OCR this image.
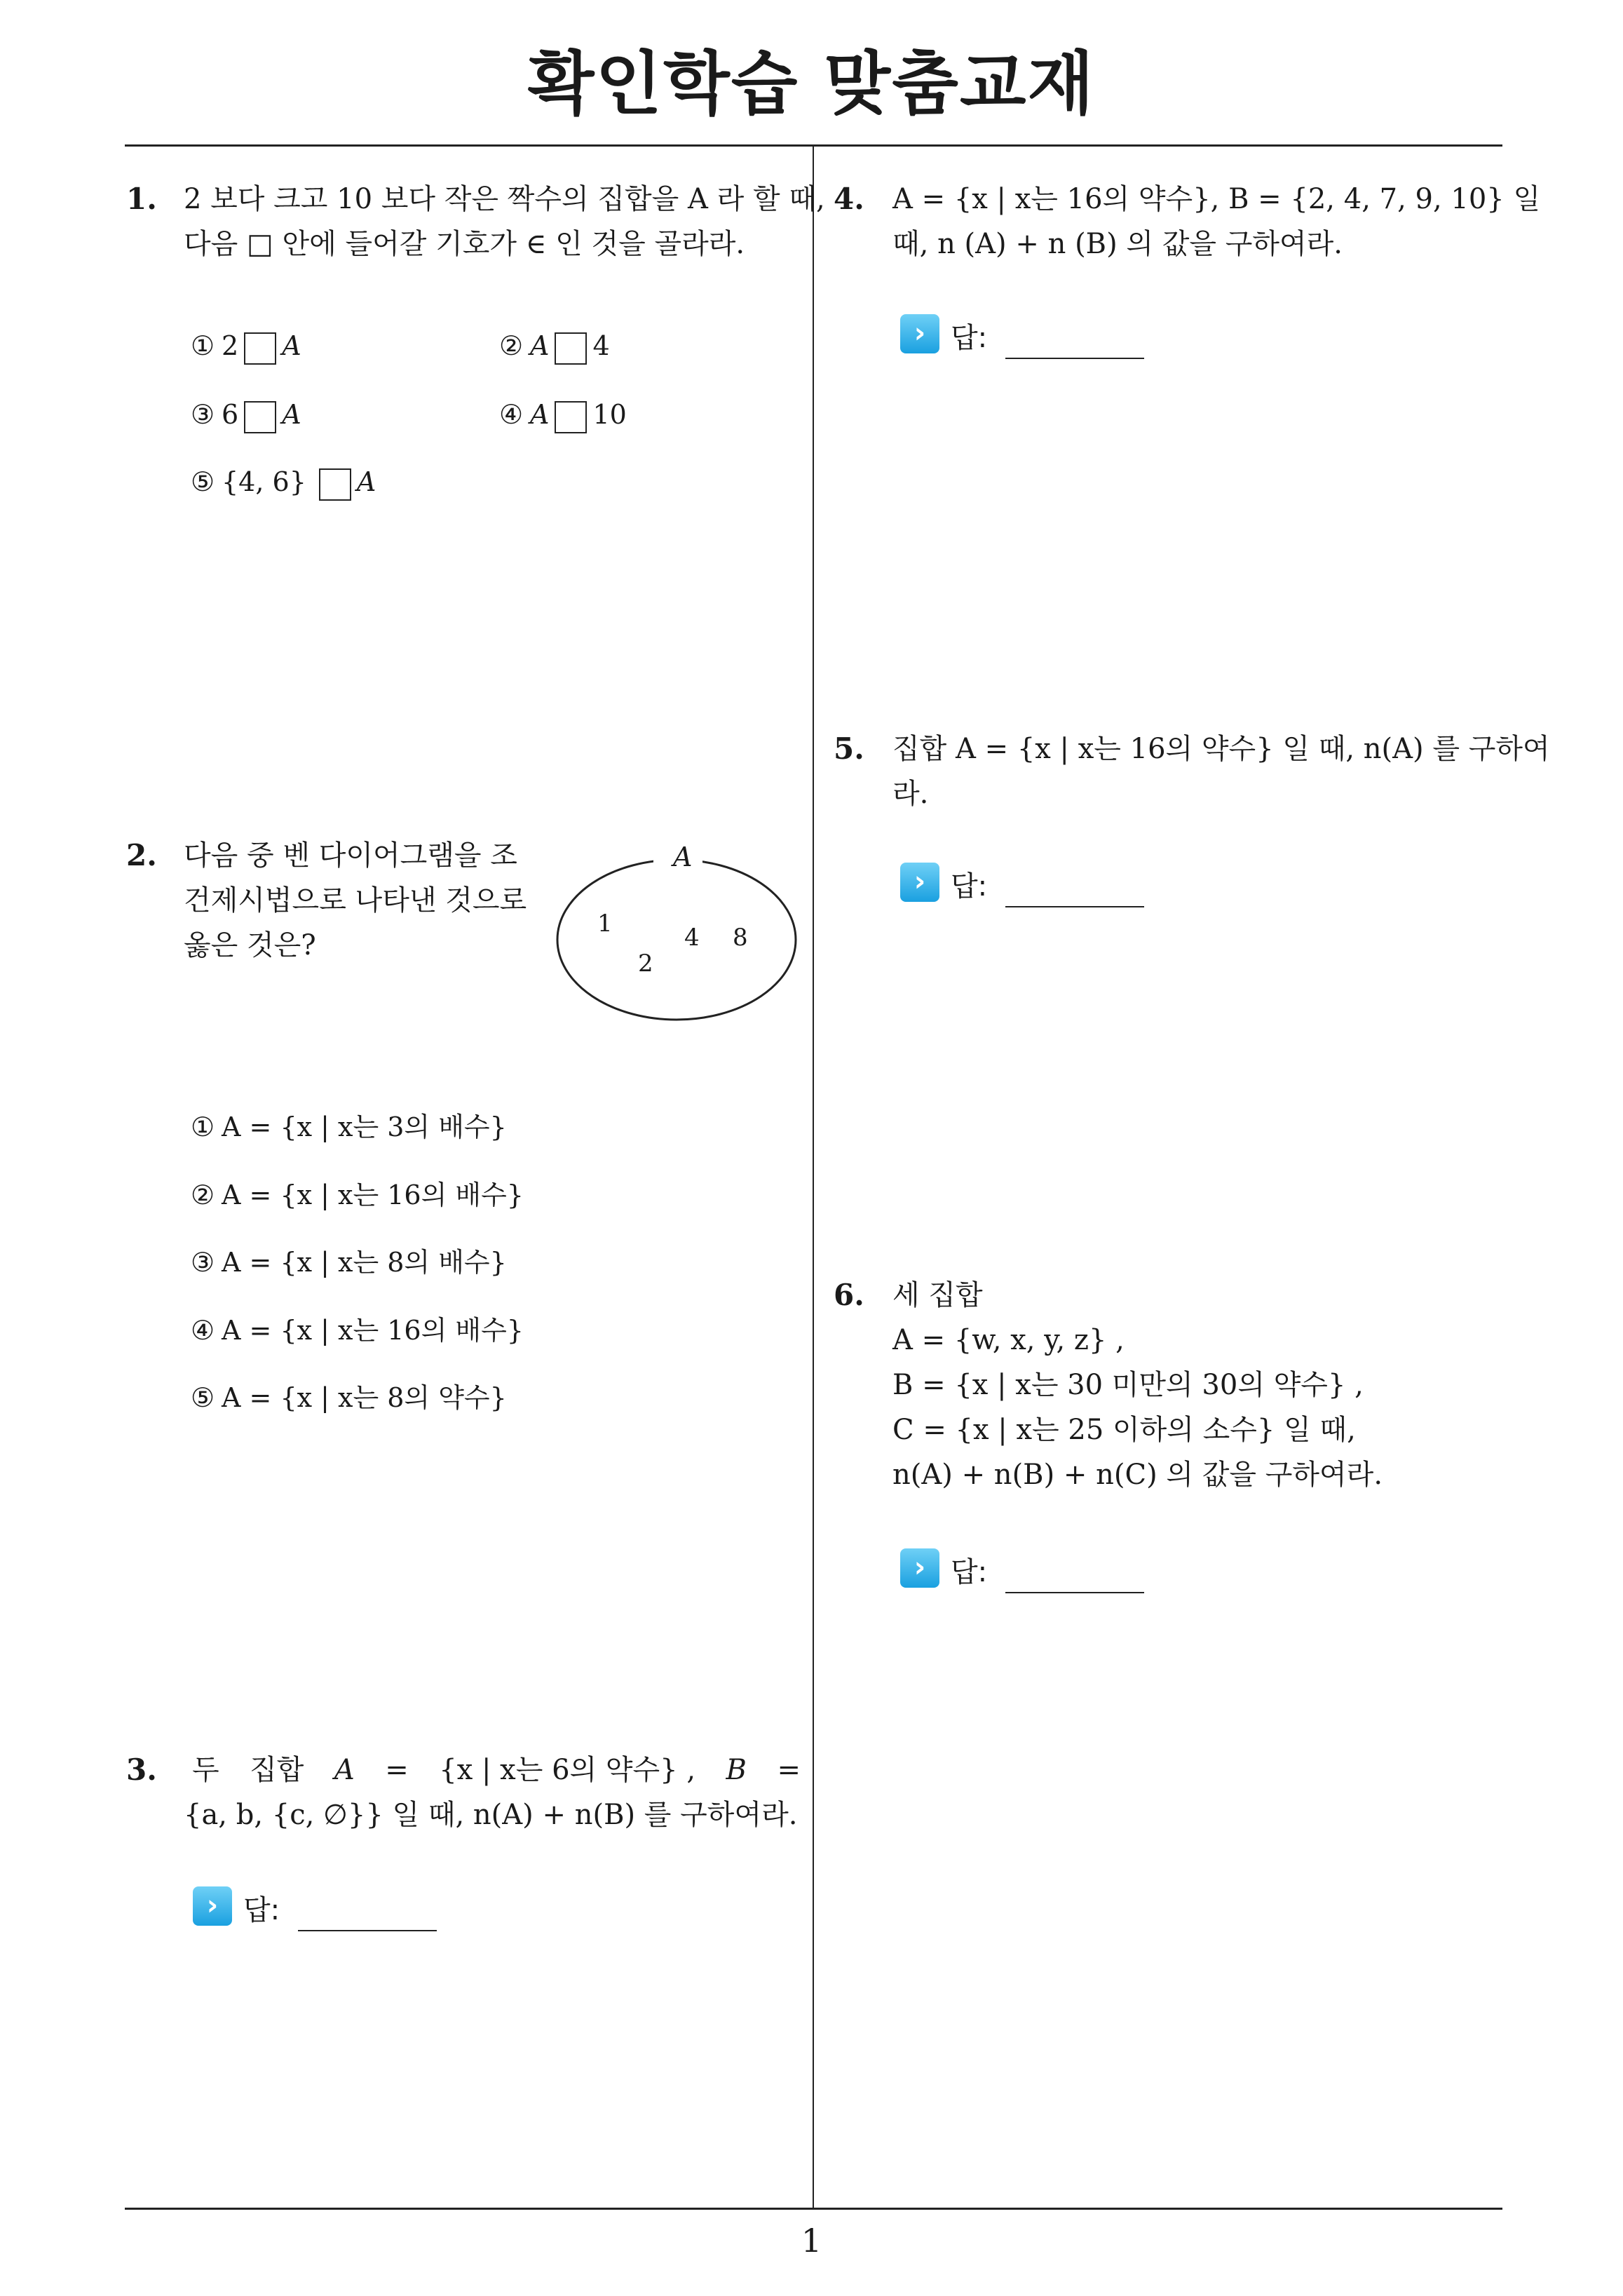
확인학습 맞춤교재
1. 2 보다 크고 10 보다 작은 짝수의 집합을 A 라 할 때,
다음 □ 안에 들어갈 기호가 ∈ 인 것을 골라라.
① 2 A	② A 4
③ 6 A	④ A 10
⑤ {4, 6} A
2. 다음 중 벤 다이어그램을 조
건제시법으로 나타낸 것으로
옳은 것은?
A
1	4 8
2
① A = {x | x는 3의 배수}
② A = {x | x는 16의 배수}
③ A = {x | x는 8의 배수}
④ A = {x | x는 16의 배수}
⑤ A = {x | x는 8의 약수}
3.	두 집합 A = {x | x는 6의 약수} , B =
{a, b, {c, ∅}} 일 때, n(A) + n(B) 를 구하여라.
› 답:
4. A = {x | x는 16의 약수}, B = {2, 4, 7, 9, 10} 일
때, n (A) + n (B) 의 값을 구하여라.
› 답:
5. 집합 A = {x | x는 16의 약수} 일 때, n(A) 를 구하여
라.
› 답:
6. 세 집합
A = {w, x, y, z} ,
B = {x | x는 30 미만의 30의 약수} ,
C = {x | x는 25 이하의 소수} 일 때,
n(A) + n(B) + n(C) 의 값을 구하여라.
› 답:
1
